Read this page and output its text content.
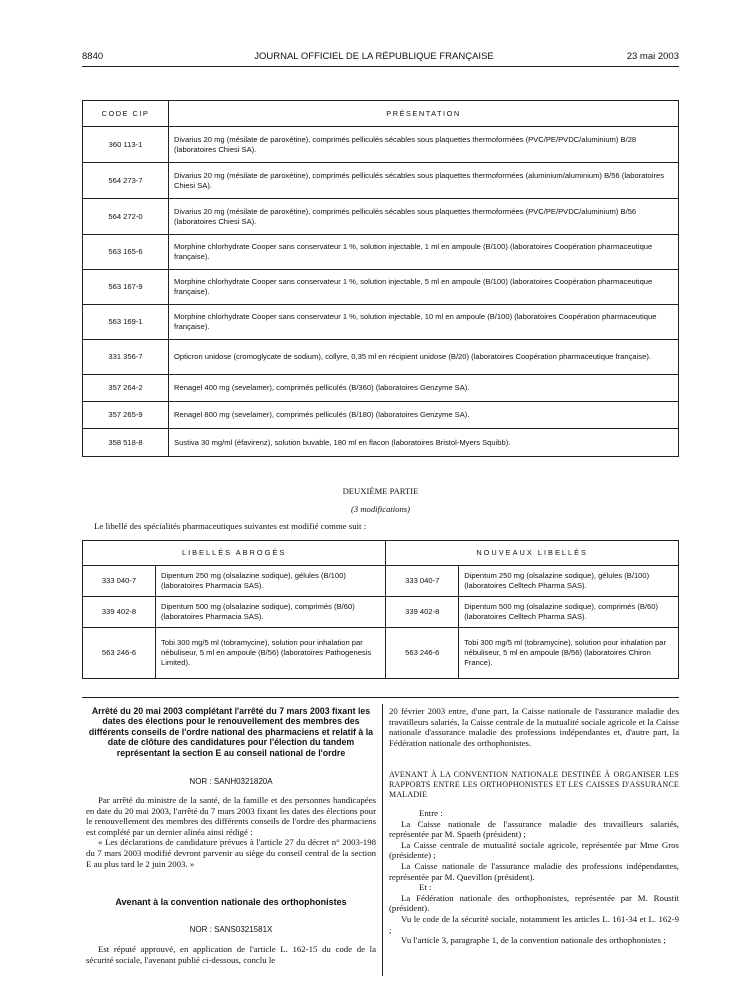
8840	JOURNAL OFFICIEL DE LA RÉPUBLIQUE FRANÇAISE	23 mai 2003
CODE CIP	PRÉSENTATION
360 113-1	Divarius 20 mg (mésilate de paroxétine), comprimés pelliculés sécables sous plaquettes thermoformées (PVC/PE/PVDC/aluminium) B/28 (laboratoires Chiesi SA).
564 273-7	Divarius 20 mg (mésilate de paroxétine), comprimés pelliculés sécables sous plaquettes thermoformées (aluminium/aluminium) B/56 (laboratoires Chiesi SA).
564 272-0	Divarius 20 mg (mésilate de paroxétine), comprimés pelliculés sécables sous plaquettes thermoformées (PVC/PE/PVDC/aluminium) B/56 (laboratoires Chiesi SA).
563 165-6	Morphine chlorhydrate Cooper sans conservateur 1 %, solution injectable, 1 ml en ampoule (B/100) (laboratoires Coopération pharmaceutique française).
563 167-9	Morphine chlorhydrate Cooper sans conservateur 1 %, solution injectable, 5 ml en ampoule (B/100) (laboratoires Coopération pharmaceutique française).
563 169-1	Morphine chlorhydrate Cooper sans conservateur 1 %, solution injectable, 10 ml en ampoule (B/100) (laboratoires Coopération pharmaceutique française).
331 356-7	Opticron unidose (cromoglycate de sodium), collyre, 0,35 ml en récipient unidose (B/20) (laboratoires Coopération pharmaceutique française).
357 264-2	Renagel 400 mg (sevelamer), comprimés pelliculés (B/360) (laboratoires Genzyme SA).
357 265-9	Renagel 800 mg (sevelamer), comprimés pelliculés (B/180) (laboratoires Genzyme SA).
358 518-8	Sustiva 30 mg/ml (éfavirenz), solution buvable, 180 ml en flacon (laboratoires Bristol-Myers Squibb).
DEUXIÈME PARTIE
(3 modifications)
Le libellé des spécialités pharmaceutiques suivantes est modifié comme suit :
LIBELLÉS ABROGÉS		NOUVEAUX LIBELLÉS	
333 040-7	Dipentum 250 mg (olsalazine sodique), gélules (B/100) (laboratoires Pharmacia SAS).	333 040-7	Dipentum 250 mg (olsalazine sodique), gélules (B/100) (laboratoires Celltech Pharma SAS).
339 402-8	Dipentum 500 mg (olsalazine sodique), comprimés (B/60) (laboratoires Pharmacia SAS).	339 402-8	Dipentum 500 mg (olsalazine sodique), comprimés (B/60) (laboratoires Celltech Pharma SAS).
563 246-6	Tobi 300 mg/5 ml (tobramycine), solution pour inhalation par nébuliseur, 5 ml en ampoule (B/56) (laboratoires Pathogenesis Limited).	563 246-6	Tobi 300 mg/5 ml (tobramycine), solution pour inhalation par nébuliseur, 5 ml en ampoule (B/56) (laboratoires Chiron France).
Arrêté du 20 mai 2003 complétant l'arrêté du 7 mars 2003 fixant les dates des élections pour le renouvellement des membres des différents conseils de l'ordre national des pharmaciens et relatif à la date de clôture des candidatures pour l'élection du tandem représentant la section E au conseil national de l'ordre
NOR : SANH0321820A

Par arrêté du ministre de la santé, de la famille et des personnes handicapées en date du 20 mai 2003, l'arrêté du 7 mars 2003 fixant les dates des élections pour le renouvellement des membres des différents conseils de l'ordre des pharmaciens est complété par un dernier alinéa ainsi rédigé :

« Les déclarations de candidature prévues à l'article 27 du décret n° 2003-198 du 7 mars 2003 modifié devront parvenir au siège du conseil central de la section E au plus tard le 2 juin 2003. »

Avenant à la convention nationale des orthophonistes
NOR : SANS0321581X

Est réputé approuvé, en application de l'article L. 162-15 du code de la sécurité sociale, l'avenant publié ci-dessous, conclu le

20 février 2003 entre, d'une part, la Caisse nationale de l'assurance maladie des travailleurs salariés, la Caisse centrale de la mutualité sociale agricole et la Caisse nationale d'assurance maladie des professions indépendantes et, d'autre part, la Fédération nationale des orthophonistes.

AVENANT À LA CONVENTION NATIONALE DESTINÉE À ORGANISER LES RAPPORTS ENTRE LES ORTHOPHONISTES ET LES CAISSES D'ASSURANCE MALADIE

Entre :

La Caisse nationale de l'assurance maladie des travailleurs salariés, représentée par M. Spaeth (président) ;

La Caisse centrale de mutualité sociale agricole, représentée par Mme Gros (présidente) ;

La Caisse nationale de l'assurance maladie des professions indépendantes, représentée par M. Quevillon (président).

Et :

La Fédération nationale des orthophonistes, représentée par M. Roustit (président).

Vu le code de la sécurité sociale, notamment les articles L. 161-34 et L. 162-9 ;

Vu l'article 3, paragraphe 1, de la convention nationale des orthophonistes ;
